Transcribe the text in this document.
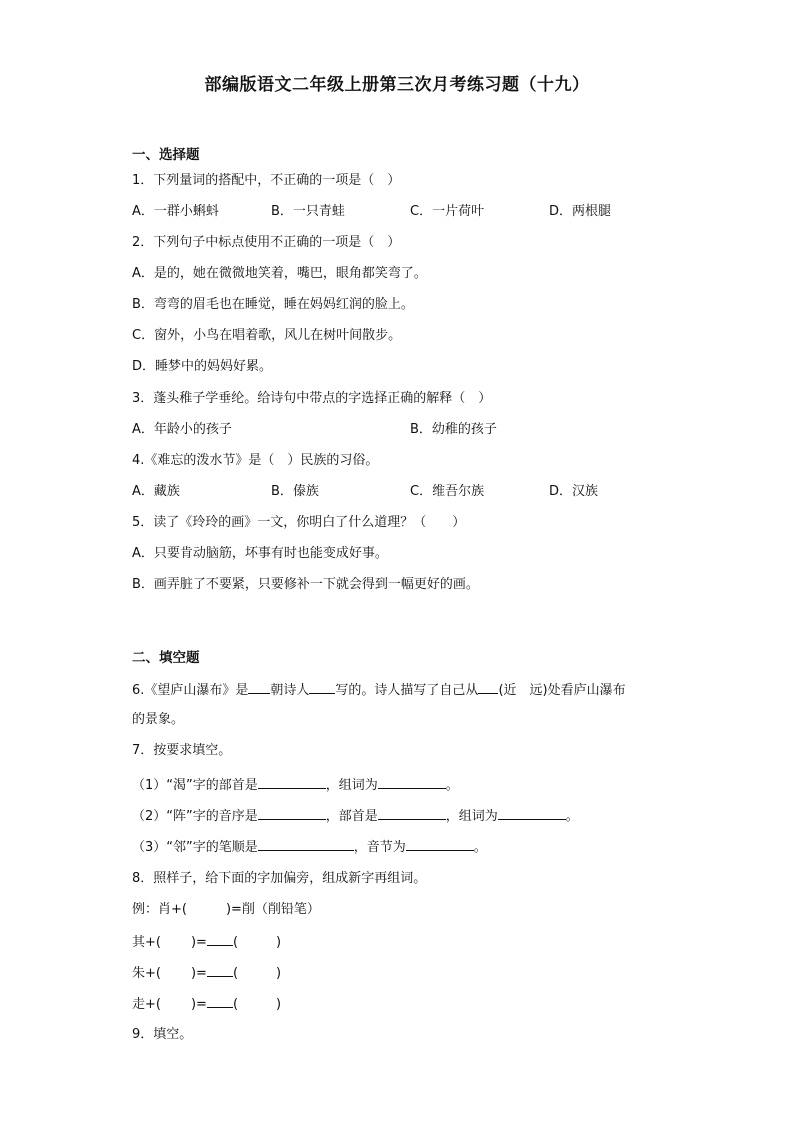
部编版语文二年级上册第三次月考练习题（十九）
一、选择题
1．下列量词的搭配中，不正确的一项是（　）
A．一群小蝌蚪	B．一只青蛙	C．一片荷叶	D．两根腿
2．下列句子中标点使用不正确的一项是（　）
A．是的，她在微微地笑着，嘴巴，眼角都笑弯了。
B．弯弯的眉毛也在睡觉，睡在妈妈红润的脸上。
C．窗外，小鸟在唱着歌，风儿在树叶间散步。
D．睡梦中的妈妈好累。
3．蓬头稚子学垂纶。给诗句中带点的字选择正确的解释（　）
A．年龄小的孩子	B．幼稚的孩子
4.《难忘的泼水节》是（　）民族的习俗。
A．藏族	B．傣族	C．维吾尔族	D．汉族
5．读了《玲玲的画》一文，你明白了什么道理？（　　）
A．只要肯动脑筋，坏事有时也能变成好事。
B．画弄脏了不要紧，只要修补一下就会得到一幅更好的画。
二、填空题
6.《望庐山瀑布》是 朝诗人 写的。诗人描写了自己从 (近　远)处看庐山瀑布
的景象。
7．按要求填空。
（1）“渴”字的部首是	，组词为	。
（2）“阵”字的音序是	，部首是	，组词为	。
（3）“邻”字的笔顺是	，音节为	。
8．照样子，给下面的字加偏旁，组成新字再组词。
例：肖+(　　　)=削（削铅笔）
其+( )= (	)
朱+( )= (	)
走+( )= (	)
9．填空。
